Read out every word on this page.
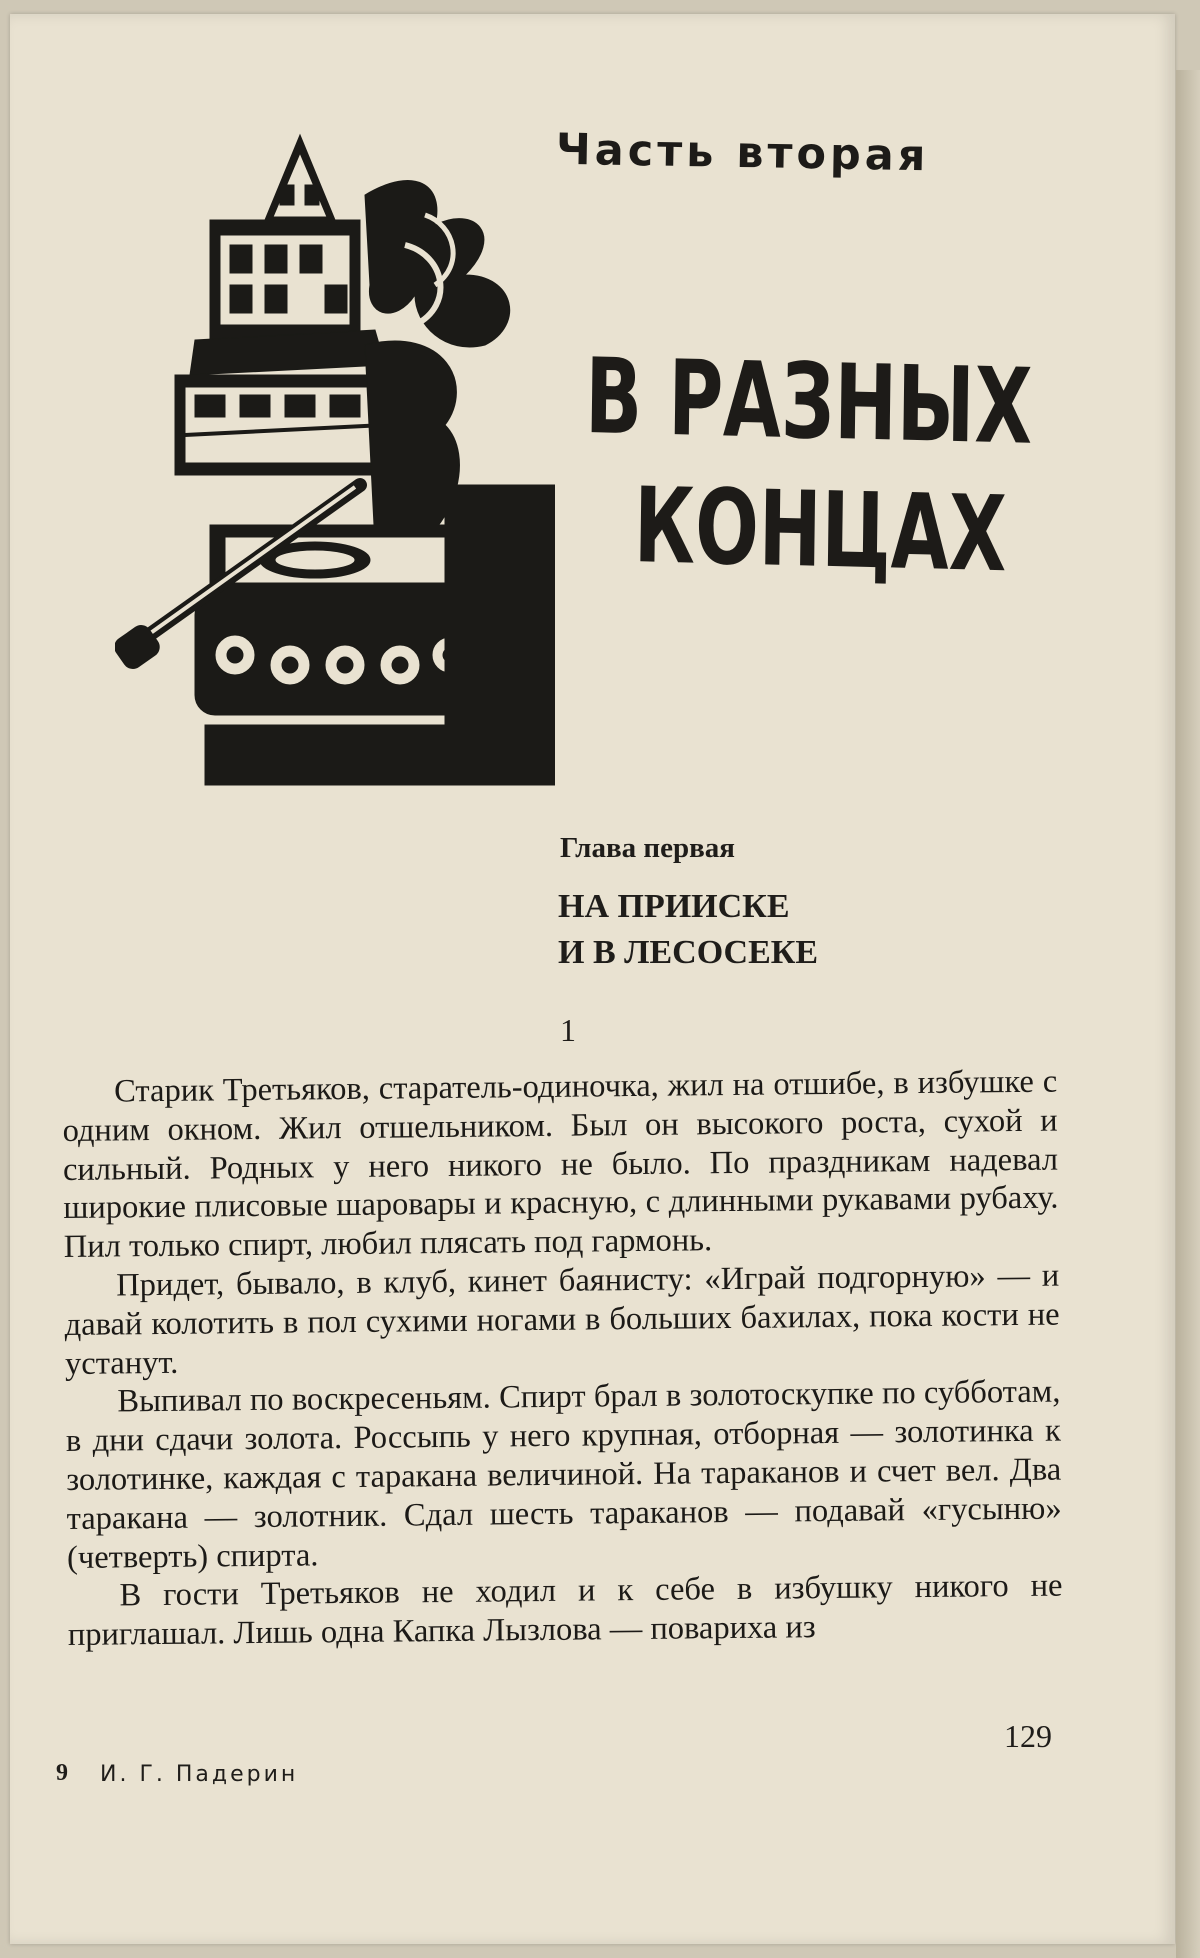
Часть вторая
В РАЗНЫХ
КОНЦАХ
Глава первая
НА ПРИИСКЕ
И В ЛЕСОСЕКЕ
1

Старик Третьяков, старатель-одиночка, жил на отшибе, в избушке с одним окном. Жил отшельником. Был он высокого роста, сухой и сильный. Родных у него никого не было. По праздникам надевал широкие плисовые шаровары и красную, с длинными рукавами рубаху. Пил только спирт, любил плясать под гармонь.

Придет, бывало, в клуб, кинет баянисту: «Играй подгорную» — и давай колотить в пол сухими ногами в больших бахилах, пока кости не устанут.

Выпивал по воскресеньям. Спирт брал в золотоскупке по субботам, в дни сдачи золота. Россыпь у него крупная, отборная — золотинка к золотинке, каждая с таракана величиной. На тараканов и счет вел. Два таракана — золотник. Сдал шесть тараканов — подавай «гусыню» (четверть) спирта.

В гости Третьяков не ходил и к себе в избушку никого не приглашал. Лишь одна Капка Лызлова — повариха из

129
9 И. Г. Падерин
